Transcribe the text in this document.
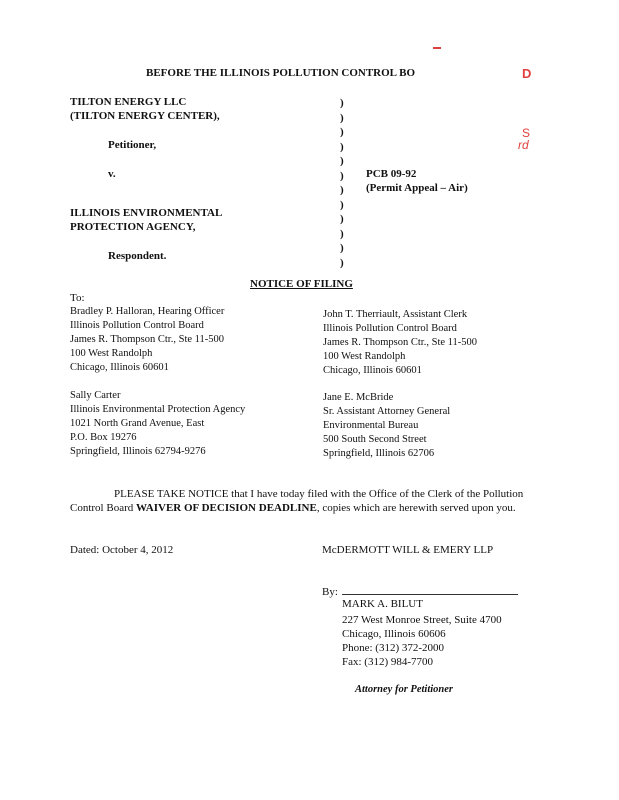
BEFORE THE ILLINOIS POLLUTION CONTROL BO	D
S
rd
TILTON ENERGY LLC
(TILTON ENERGY CENTER),
Petitioner,
v.
ILLINOIS ENVIRONMENTAL
PROTECTION AGENCY,
Respondent.
)
)
)
)
)
)
)
)
)
)
)
)
PCB 09-92
(Permit Appeal – Air)
NOTICE OF FILING
To:
Bradley P. Halloran, Hearing Officer
Illinois Pollution Control Board
James R. Thompson Ctr., Ste 11-500
100 West Randolph
Chicago, Illinois 60601
John T. Therriault, Assistant Clerk
Illinois Pollution Control Board
James R. Thompson Ctr., Ste 11-500
100 West Randolph
Chicago, Illinois 60601
Sally Carter
Illinois Environmental Protection Agency
1021 North Grand Avenue, East
P.O. Box 19276
Springfield, Illinois 62794-9276
Jane E. McBride
Sr. Assistant Attorney General
Environmental Bureau
500 South Second Street
Springfield, Illinois 62706
PLEASE TAKE NOTICE that I have today filed with the Office of the Clerk of the Pollution Control Board WAIVER OF DECISION DEADLINE, copies which are herewith served upon you.
Dated: October 4, 2012	McDERMOTT WILL & EMERY LLP
By:
MARK A. BILUT
227 West Monroe Street, Suite 4700
Chicago, Illinois 60606
Phone: (312) 372-2000
Fax: (312) 984-7700
Attorney for Petitioner
